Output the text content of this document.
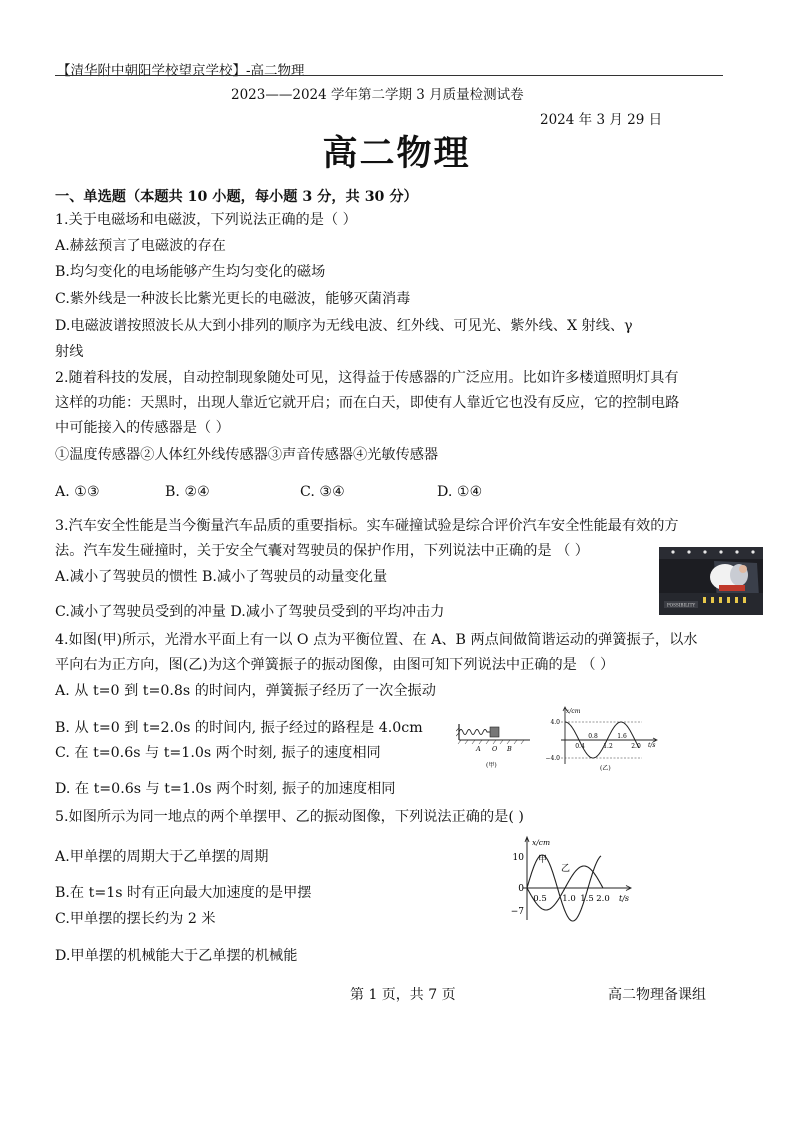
【清华附中朝阳学校望京学校】-高二物理
2023——2024 学年第二学期 3 月质量检测试卷
2024 年 3 月 29 日
高二物理
一、单选题（本题共 10 小题，每小题 3 分，共 30 分）
1.关于电磁场和电磁波，下列说法正确的是（ ）
A.赫兹预言了电磁波的存在
B.均匀变化的电场能够产生均匀变化的磁场
C.紫外线是一种波长比紫光更长的电磁波，能够灭菌消毒
D.电磁波谱按照波长从大到小排列的顺序为无线电波、红外线、可见光、紫外线、X 射线、γ
射线
2.随着科技的发展，自动控制现象随处可见，这得益于传感器的广泛应用。比如许多楼道照明灯具有
这样的功能：天黑时，出现人靠近它就开启；而在白天，即使有人靠近它也没有反应，它的控制电路
中可能接入的传感器是（ ）
①温度传感器②人体红外线传感器③声音传感器④光敏传感器
A. ①③	B. ②④	C. ③④	D. ①④
3.汽车安全性能是当今衡量汽车品质的重要指标。实车碰撞试验是综合评价汽车安全性能最有效的方
法。汽车发生碰撞时，关于安全气囊对驾驶员的保护作用，下列说法中正确的是 （ ）
A.减小了驾驶员的惯性 B.减小了驾驶员的动量变化量
C.减小了驾驶员受到的冲量 D.减小了驾驶员受到的平均冲击力	POSSIBILITY
4.如图(甲)所示，光滑水平面上有一以 O 点为平衡位置、在 A、B 两点间做简谐运动的弹簧振子，以水
平向右为正方向，图(乙)为这个弹簧振子的振动图像，由图可知下列说法中正确的是 （ ）
A. 从 t=0 到 t=0.8s 的时间内，弹簧振子经历了一次全振动
B. 从 t=0 到 t=2.0s 的时间内, 振子经过的路程是 4.0cm
C. 在 t=0.6s 与 t=1.0s 两个时刻, 振子的速度相同
D. 在 t=0.6s 与 t=1.0s 两个时刻, 振子的加速度相同
A O B
(甲)
x/cm
4.0
−4.0
0.4
0.8
1.2
1.6
2.0 t/s
(乙)
5.如图所示为同一地点的两个单摆甲、乙的振动图像，下列说法正确的是( )
A.甲单摆的周期大于乙单摆的周期
B.在 t=1s 时有正向最大加速度的是甲摆
C.甲单摆的摆长约为 2 米
D.甲单摆的机械能大于乙单摆的机械能
x/cm
10
0
−7
甲
乙
0.5 1.0 1.5 2.0 t/s
第 1 页，共 7 页	高二物理备课组
